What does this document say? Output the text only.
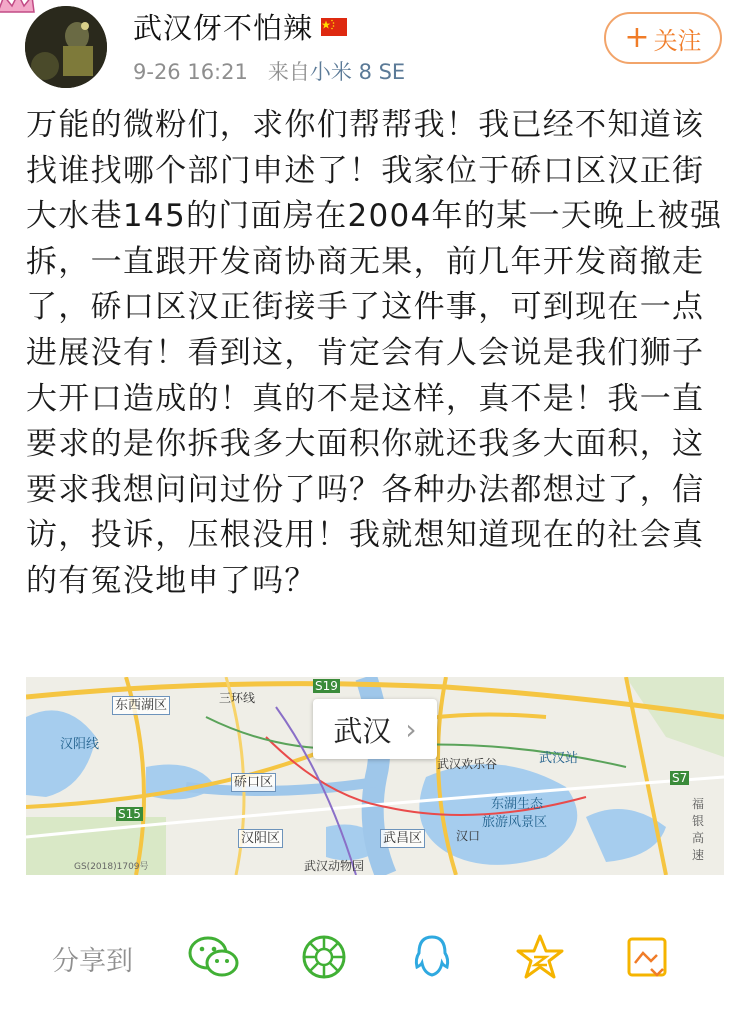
武汉伢不怕辣
9-26 16:21 来自小米 8 SE
+ 关注
万能的微粉们，求你们帮帮我！我已经不知道该找谁找哪个部门申述了！我家位于硚口区汉正街大水巷145的门面房在2004年的某一天晚上被强拆，一直跟开发商协商无果，前几年开发商撤走了，硚口区汉正街接手了这件事，可到现在一点进展没有！看到这，肯定会有人会说是我们狮子大开口造成的！真的不是这样，真不是！我一直要求的是你拆我多大面积你就还我多大面积，这要求我想问问过份了吗？各种办法都想过了，信访，投诉，压根没用！我就想知道现在的社会真的有冤没地申了吗？
东西湖区	三环线
S19
汉阳线
硚口区
S15
汉阳区	武昌区
武汉欢乐谷	武汉站
东湖生态
旅游风景区
汉口
S7
福银高速
武汉动物园
GS(2018)1709号
武汉 ›
分享到
